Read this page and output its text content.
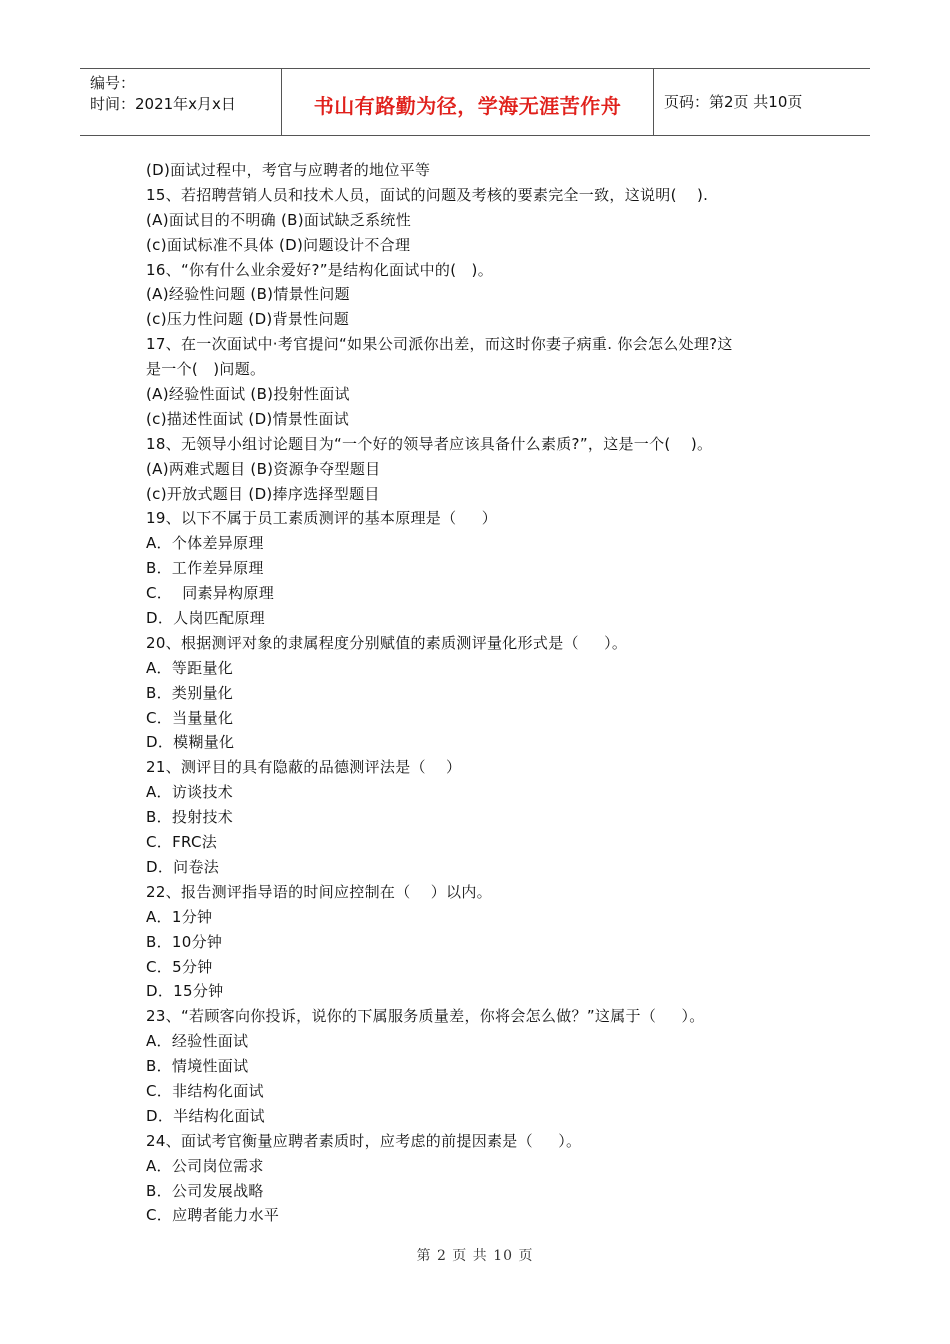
编号：
时间：2021年x月x日	书山有路勤为径，学海无涯苦作舟	页码：第2页 共10页
(D)面试过程中，考官与应聘者的地位平等
15、若招聘营销人员和技术人员，面试的问题及考核的要素完全一致，这说明(    ).
(A)面试目的不明确 (B)面试缺乏系统性
(c)面试标准不具体 (D)问题设计不合理
16、“你有什么业余爱好?”是结构化面试中的(   )。
(A)经验性问题 (B)情景性问题
(c)压力性问题 (D)背景性问题
17、在一次面试中·考官提问“如果公司派你出差，而这时你妻子病重. 你会怎么处理?这
是一个(   )问题。
(A)经验性面试 (B)投射性面试
(c)描述性面试 (D)情景性面试
18、无领导小组讨论题目为“一个好的领导者应该具备什么素质?”，这是一个(    )。
(A)两难式题目 (B)资源争夺型题目
(c)开放式题目 (D)捧序选择型题目
19、以下不属于员工素质测评的基本原理是（     ）
A．个体差异原理
B．工作差异原理
C．  同素异构原理
D．人岗匹配原理
20、根据测评对象的隶属程度分别赋值的素质测评量化形式是（     ）。
A．等距量化
B．类别量化
C．当量量化
D．模糊量化
21、测评目的具有隐蔽的品德测评法是（    ）
A．访谈技术
B．投射技术
C．FRC法
D．问卷法
22、报告测评指导语的时间应控制在（    ）以内。
A．1分钟
B．10分钟
C．5分钟
D．15分钟
23、“若顾客向你投诉，说你的下属服务质量差，你将会怎么做？”这属于（     ）。
A．经验性面试
B．情境性面试
C．非结构化面试
D．半结构化面试
24、面试考官衡量应聘者素质时，应考虑的前提因素是（     ）。
A．公司岗位需求
B．公司发展战略
C．应聘者能力水平
第 2 页 共 10 页
